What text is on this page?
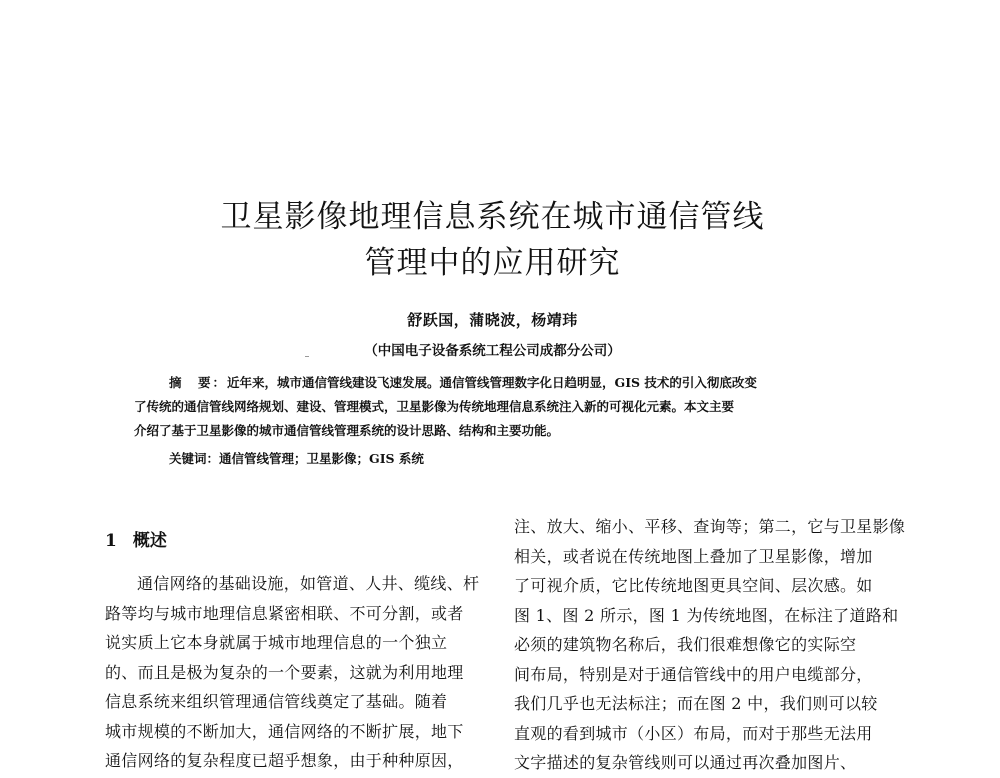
卫星影像地理信息系统在城市通信管线
管理中的应用研究
舒跃国，蒲晓波，杨靖玮
（中国电子设备系统工程公司成都分公司）
摘　要：近年来，城市通信管线建设飞速发展。通信管线管理数字化日趋明显，GIS 技术的引入彻底改变
了传统的通信管线网络规划、建设、管理模式，卫星影像为传统地理信息系统注入新的可视化元素。本文主要
介绍了基于卫星影像的城市通信管线管理系统的设计思路、结构和主要功能。
关键词：通信管线管理；卫星影像；GIS 系统
1 概述
通信网络的基础设施，如管道、人井、缆线、杆
路等均与城市地理信息紧密相联、不可分割，或者
说实质上它本身就属于城市地理信息的一个独立
的、而且是极为复杂的一个要素，这就为利用地理
信息系统来组织管理通信管线奠定了基础。随着
城市规模的不断加大，通信网络的不断扩展，地下
通信网络的复杂程度已超乎想象，由于种种原因，
注、放大、缩小、平移、查询等；第二，它与卫星影像
相关，或者说在传统地图上叠加了卫星影像，增加
了可视介质，它比传统地图更具空间、层次感。如
图 1、图 2 所示，图 1 为传统地图，在标注了道路和
必须的建筑物名称后，我们很难想像它的实际空
间布局，特别是对于通信管线中的用户电缆部分，
我们几乎也无法标注；而在图 2 中，我们则可以较
直观的看到城市（小区）布局，而对于那些无法用
文字描述的复杂管线则可以通过再次叠加图片、
